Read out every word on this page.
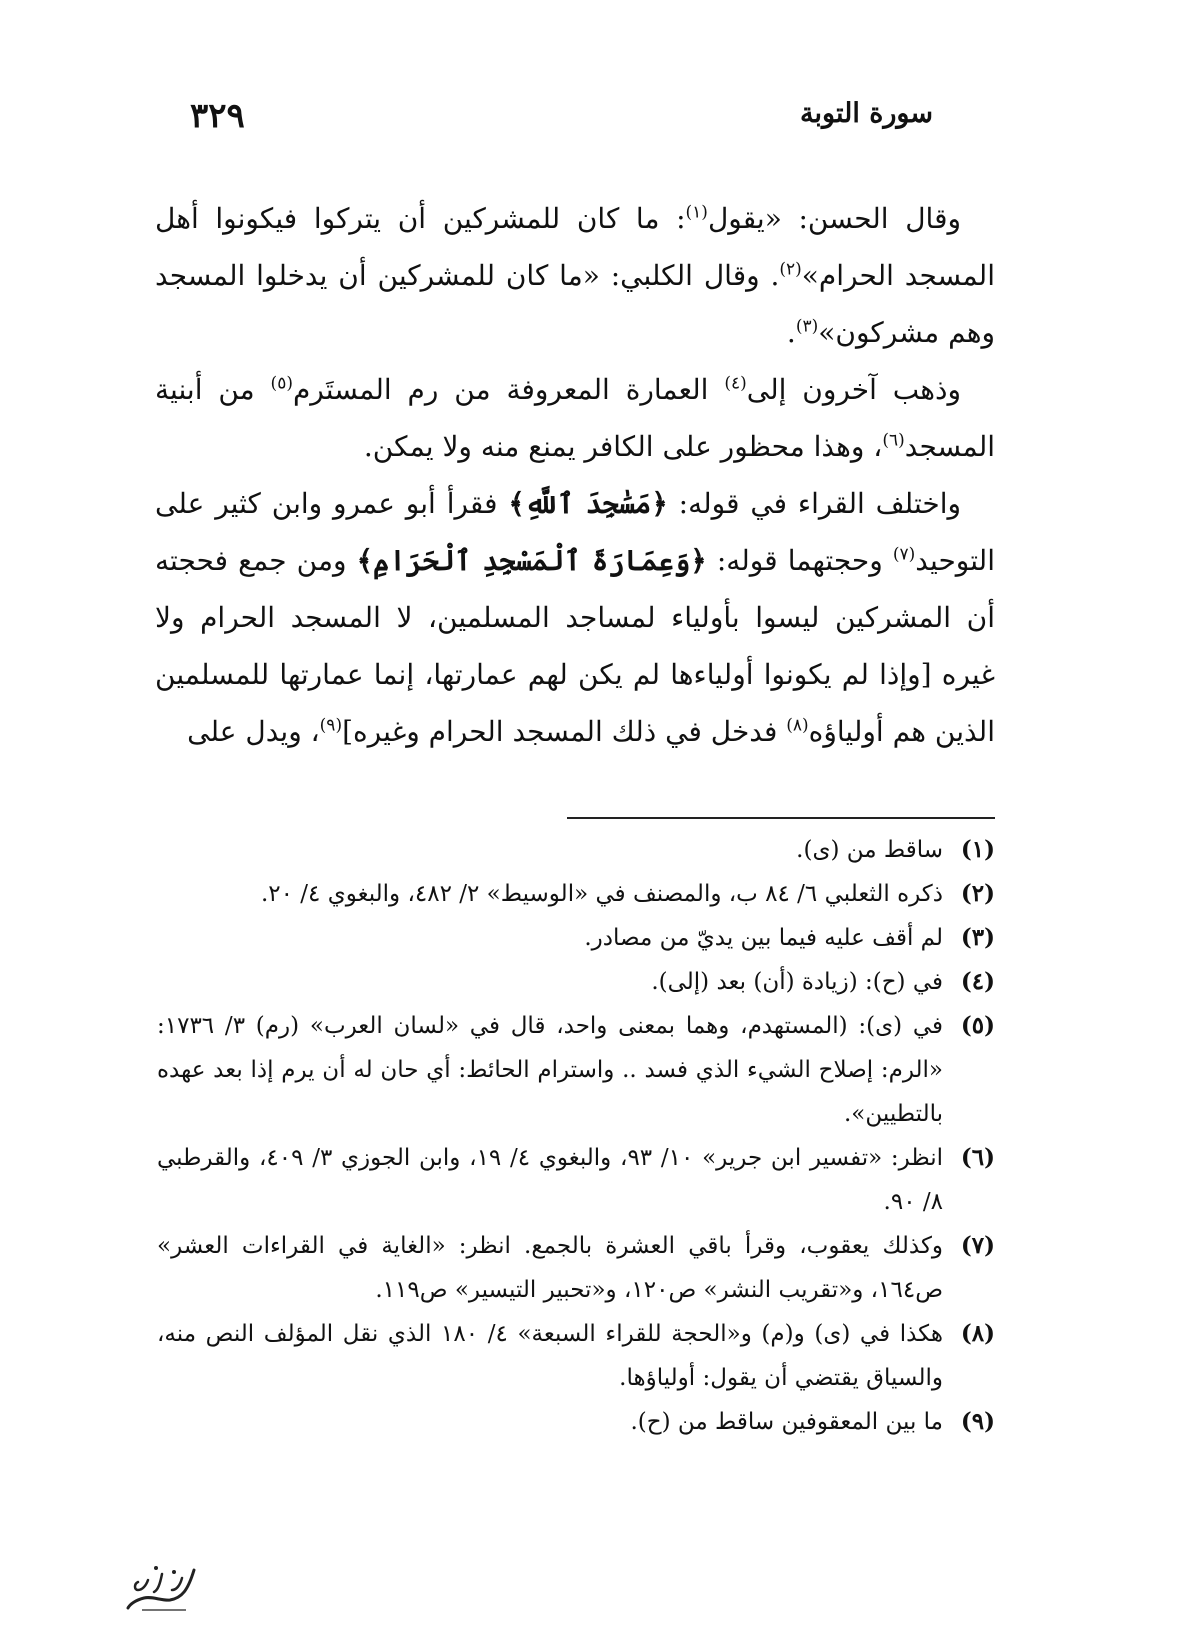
سورة التوبة
٣٢٩

وقال الحسن: «يقول$^{(١)}$: ما كان للمشركين أن يتركوا فيكونوا أهل المسجد الحرام»$^{(٢)}$. وقال الكلبي: «ما كان للمشركين أن يدخلوا المسجد وهم مشركون»$^{(٣)}$.

وذهب آخرون إلى$^{(٤)}$ العمارة المعروفة من رم المستَرم$^{(٥)}$ من أبنية المسجد$^{(٦)}$، وهذا محظور على الكافر يمنع منه ولا يمكن.

واختلف القراء في قوله: ﴿مَسَٰجِدَ ٱللَّهِ﴾ فقرأ أبو عمرو وابن كثير على التوحيد$^{(٧)}$ وحجتهما قوله: ﴿وَعِمَارَةَ ٱلْمَسْجِدِ ٱلْحَرَامِ﴾ ومن جمع فحجته أن المشركين ليسوا بأولياء لمساجد المسلمين، لا المسجد الحرام ولا غيره [وإذا لم يكونوا أولياءها لم يكن لهم عمارتها، إنما عمارتها للمسلمين الذين هم أولياؤه$^{(٨)}$ فدخل في ذلك المسجد الحرام وغيره]$^{(٩)}$، ويدل على

(١)
ساقط من (ى).
(٢)
ذكره الثعلبي ٦/ ٨٤ ب، والمصنف في «الوسيط» ٢/ ٤٨٢، والبغوي ٤/ ٢٠.
(٣)
لم أقف عليه فيما بين يديّ من مصادر.
(٤)
في (ح): (زيادة (أن) بعد (إلى).
(٥)
في (ى): (المستهدم، وهما بمعنى واحد، قال في «لسان العرب» (رم) ٣/ ١٧٣٦: «الرم: إصلاح الشيء الذي فسد .. واسترام الحائط: أي حان له أن يرم إذا بعد عهده بالتطيين».
(٦)
انظر: «تفسير ابن جرير» ١٠/ ٩٣، والبغوي ٤/ ١٩، وابن الجوزي ٣/ ٤٠٩، والقرطبي ٨/ ٩٠.
(٧)
وكذلك يعقوب، وقرأ باقي العشرة بالجمع. انظر: «الغاية في القراءات العشر» ص١٦٤، و«تقريب النشر» ص١٢٠، و«تحبير التيسير» ص١١٩.
(٨)
هكذا في (ى) و(م) و«الحجة للقراء السبعة» ٤/ ١٨٠ الذي نقل المؤلف النص منه، والسياق يقتضي أن يقول: أولياؤها.
(٩)
ما بين المعقوفين ساقط من (ح).
